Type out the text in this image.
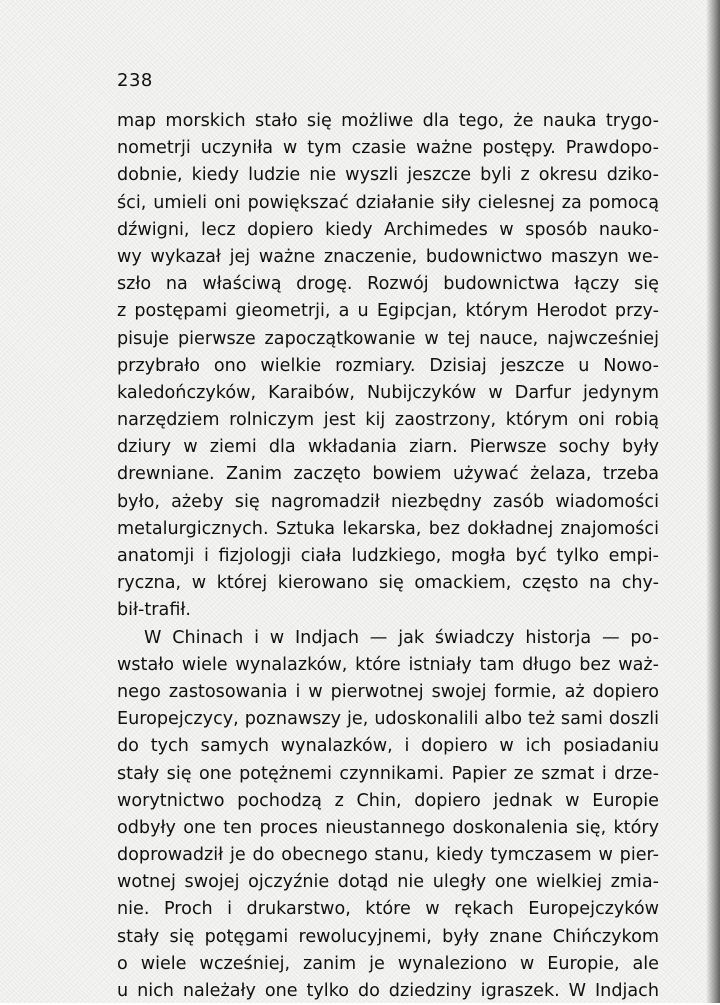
238
map morskich stało się możliwe dla tego, że nauka trygo-
nometrji uczyniła w tym czasie ważne postępy. Prawdopo-
dobnie, kiedy ludzie nie wyszli jeszcze byli z okresu dziko-
ści, umieli oni powiększać działanie siły cielesnej za pomocą
dźwigni, lecz dopiero kiedy Archimedes w sposób nauko-
wy wykazał jej ważne znaczenie, budownictwo maszyn we-
szło na właściwą drogę. Rozwój budownictwa łączy się
z postępami gieometrji, a u Egipcjan, którym Herodot przy-
pisuje pierwsze zapoczątkowanie w tej nauce, najwcześniej
przybrało ono wielkie rozmiary. Dzisiaj jeszcze u Nowo-
kaledończyków, Karaibów, Nubijczyków w Darfur jedynym
narzędziem rolniczym jest kij zaostrzony, którym oni robią
dziury w ziemi dla wkładania ziarn. Pierwsze sochy były
drewniane. Zanim zaczęto bowiem używać żelaza, trzeba
było, ażeby się nagromadził niezbędny zasób wiadomości
metalurgicznych. Sztuka lekarska, bez dokładnej znajomości
anatomji i fizjologji ciała ludzkiego, mogła być tylko empi-
ryczna, w której kierowano się omackiem, często na chy-
bił-trafił.
W Chinach i w Indjach — jak świadczy historja — po-
wstało wiele wynalazków, które istniały tam długo bez waż-
nego zastosowania i w pierwotnej swojej formie, aż dopiero
Europejczycy, poznawszy je, udoskonalili albo też sami doszli
do tych samych wynalazków, i dopiero w ich posiadaniu
stały się one potężnemi czynnikami. Papier ze szmat i drze-
worytnictwo pochodzą z Chin, dopiero jednak w Europie
odbyły one ten proces nieustannego doskonalenia się, który
doprowadził je do obecnego stanu, kiedy tymczasem w pier-
wotnej swojej ojczyźnie dotąd nie uległy one wielkiej zmia-
nie. Proch i drukarstwo, które w rękach Europejczyków
stały się potęgami rewolucyjnemi, były znane Chińczykom
o wiele wcześniej, zanim je wynaleziono w Europie, ale
u nich należały one tylko do dziedziny igraszek. W Indjach
